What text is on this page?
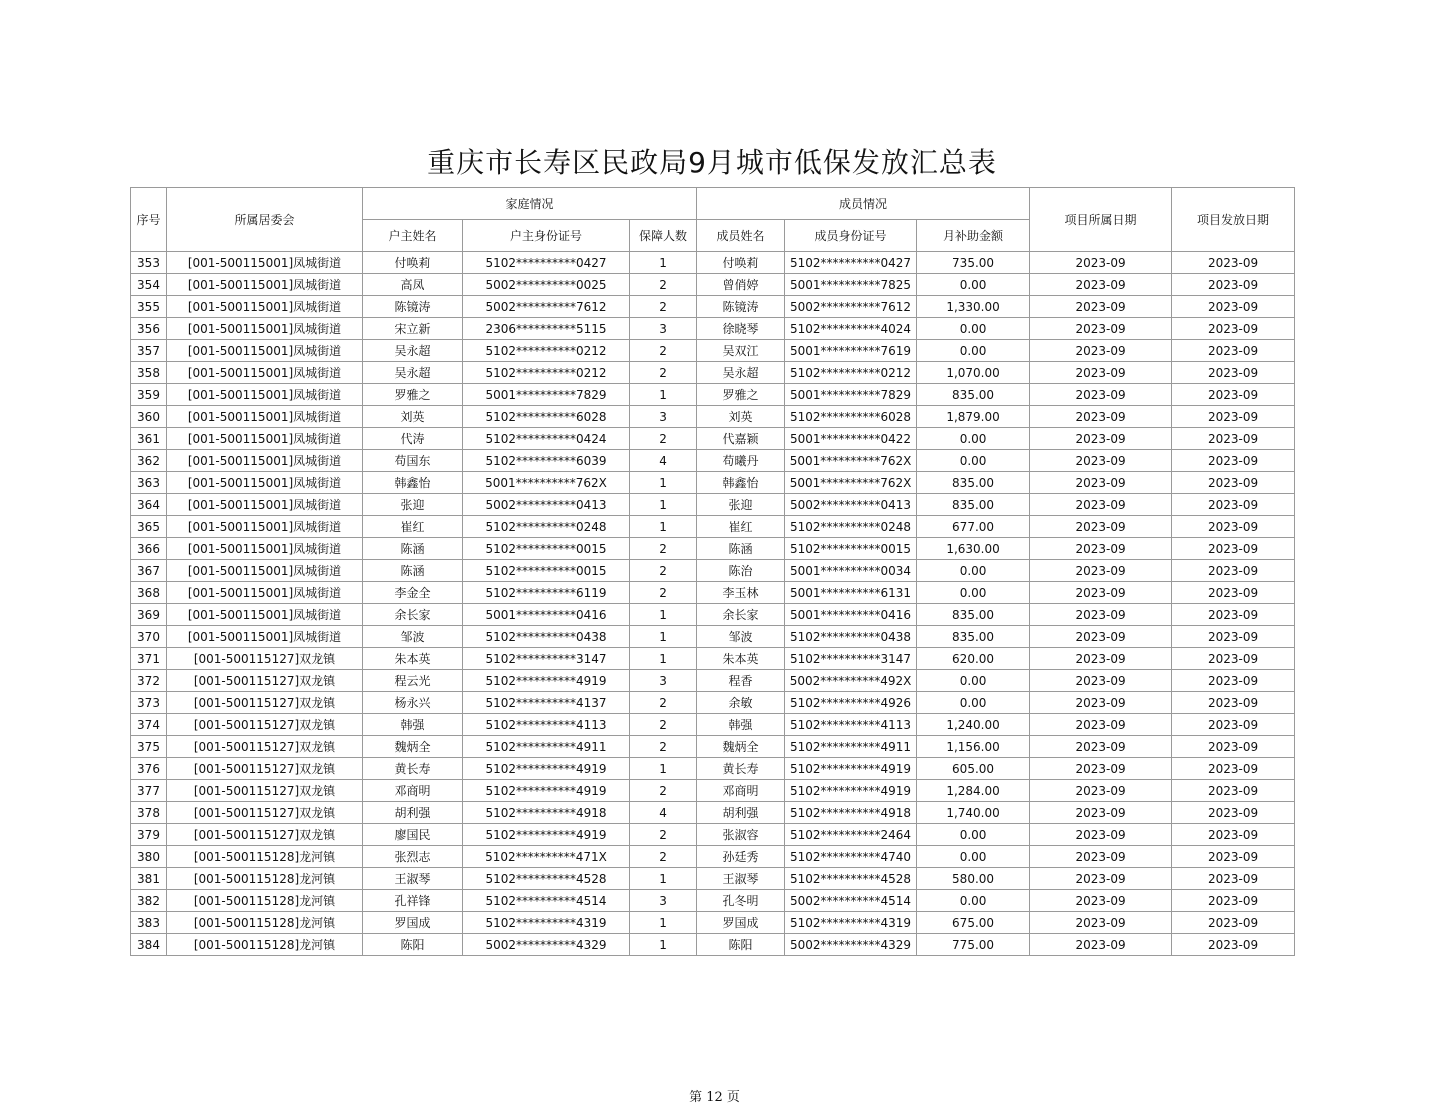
重庆市长寿区民政局9月城市低保发放汇总表
序号	所属居委会	家庭情况			成员情况			项目所属日期	项目发放日期
		户主姓名	户主身份证号	保障人数	成员姓名	成员身份证号	月补助金额		
353	[001-500115001]凤城街道	付唤莉	5102**********0427	1	付唤莉	5102**********0427	735.00	2023-09	2023-09
354	[001-500115001]凤城街道	高凤	5002**********0025	2	曾俏婷	5001**********7825	0.00	2023-09	2023-09
355	[001-500115001]凤城街道	陈镜涛	5002**********7612	2	陈镜涛	5002**********7612	1,330.00	2023-09	2023-09
356	[001-500115001]凤城街道	宋立新	2306**********5115	3	徐晓琴	5102**********4024	0.00	2023-09	2023-09
357	[001-500115001]凤城街道	吴永超	5102**********0212	2	吴双江	5001**********7619	0.00	2023-09	2023-09
358	[001-500115001]凤城街道	吴永超	5102**********0212	2	吴永超	5102**********0212	1,070.00	2023-09	2023-09
359	[001-500115001]凤城街道	罗雅之	5001**********7829	1	罗雅之	5001**********7829	835.00	2023-09	2023-09
360	[001-500115001]凤城街道	刘英	5102**********6028	3	刘英	5102**********6028	1,879.00	2023-09	2023-09
361	[001-500115001]凤城街道	代涛	5102**********0424	2	代嘉颖	5001**********0422	0.00	2023-09	2023-09
362	[001-500115001]凤城街道	苟国东	5102**********6039	4	苟曦丹	5001**********762X	0.00	2023-09	2023-09
363	[001-500115001]凤城街道	韩鑫怡	5001**********762X	1	韩鑫怡	5001**********762X	835.00	2023-09	2023-09
364	[001-500115001]凤城街道	张迎	5002**********0413	1	张迎	5002**********0413	835.00	2023-09	2023-09
365	[001-500115001]凤城街道	崔红	5102**********0248	1	崔红	5102**********0248	677.00	2023-09	2023-09
366	[001-500115001]凤城街道	陈涵	5102**********0015	2	陈涵	5102**********0015	1,630.00	2023-09	2023-09
367	[001-500115001]凤城街道	陈涵	5102**********0015	2	陈治	5001**********0034	0.00	2023-09	2023-09
368	[001-500115001]凤城街道	李金全	5102**********6119	2	李玉林	5001**********6131	0.00	2023-09	2023-09
369	[001-500115001]凤城街道	余长家	5001**********0416	1	余长家	5001**********0416	835.00	2023-09	2023-09
370	[001-500115001]凤城街道	邹波	5102**********0438	1	邹波	5102**********0438	835.00	2023-09	2023-09
371	[001-500115127]双龙镇	朱本英	5102**********3147	1	朱本英	5102**********3147	620.00	2023-09	2023-09
372	[001-500115127]双龙镇	程云光	5102**********4919	3	程香	5002**********492X	0.00	2023-09	2023-09
373	[001-500115127]双龙镇	杨永兴	5102**********4137	2	余敏	5102**********4926	0.00	2023-09	2023-09
374	[001-500115127]双龙镇	韩强	5102**********4113	2	韩强	5102**********4113	1,240.00	2023-09	2023-09
375	[001-500115127]双龙镇	魏炳全	5102**********4911	2	魏炳全	5102**********4911	1,156.00	2023-09	2023-09
376	[001-500115127]双龙镇	黄长寿	5102**********4919	1	黄长寿	5102**********4919	605.00	2023-09	2023-09
377	[001-500115127]双龙镇	邓商明	5102**********4919	2	邓商明	5102**********4919	1,284.00	2023-09	2023-09
378	[001-500115127]双龙镇	胡利强	5102**********4918	4	胡利强	5102**********4918	1,740.00	2023-09	2023-09
379	[001-500115127]双龙镇	廖国民	5102**********4919	2	张淑容	5102**********2464	0.00	2023-09	2023-09
380	[001-500115128]龙河镇	张烈志	5102**********471X	2	孙廷秀	5102**********4740	0.00	2023-09	2023-09
381	[001-500115128]龙河镇	王淑琴	5102**********4528	1	王淑琴	5102**********4528	580.00	2023-09	2023-09
382	[001-500115128]龙河镇	孔祥锋	5102**********4514	3	孔冬明	5002**********4514	0.00	2023-09	2023-09
383	[001-500115128]龙河镇	罗国成	5102**********4319	1	罗国成	5102**********4319	675.00	2023-09	2023-09
384	[001-500115128]龙河镇	陈阳	5002**********4329	1	陈阳	5002**********4329	775.00	2023-09	2023-09
第 12 页
